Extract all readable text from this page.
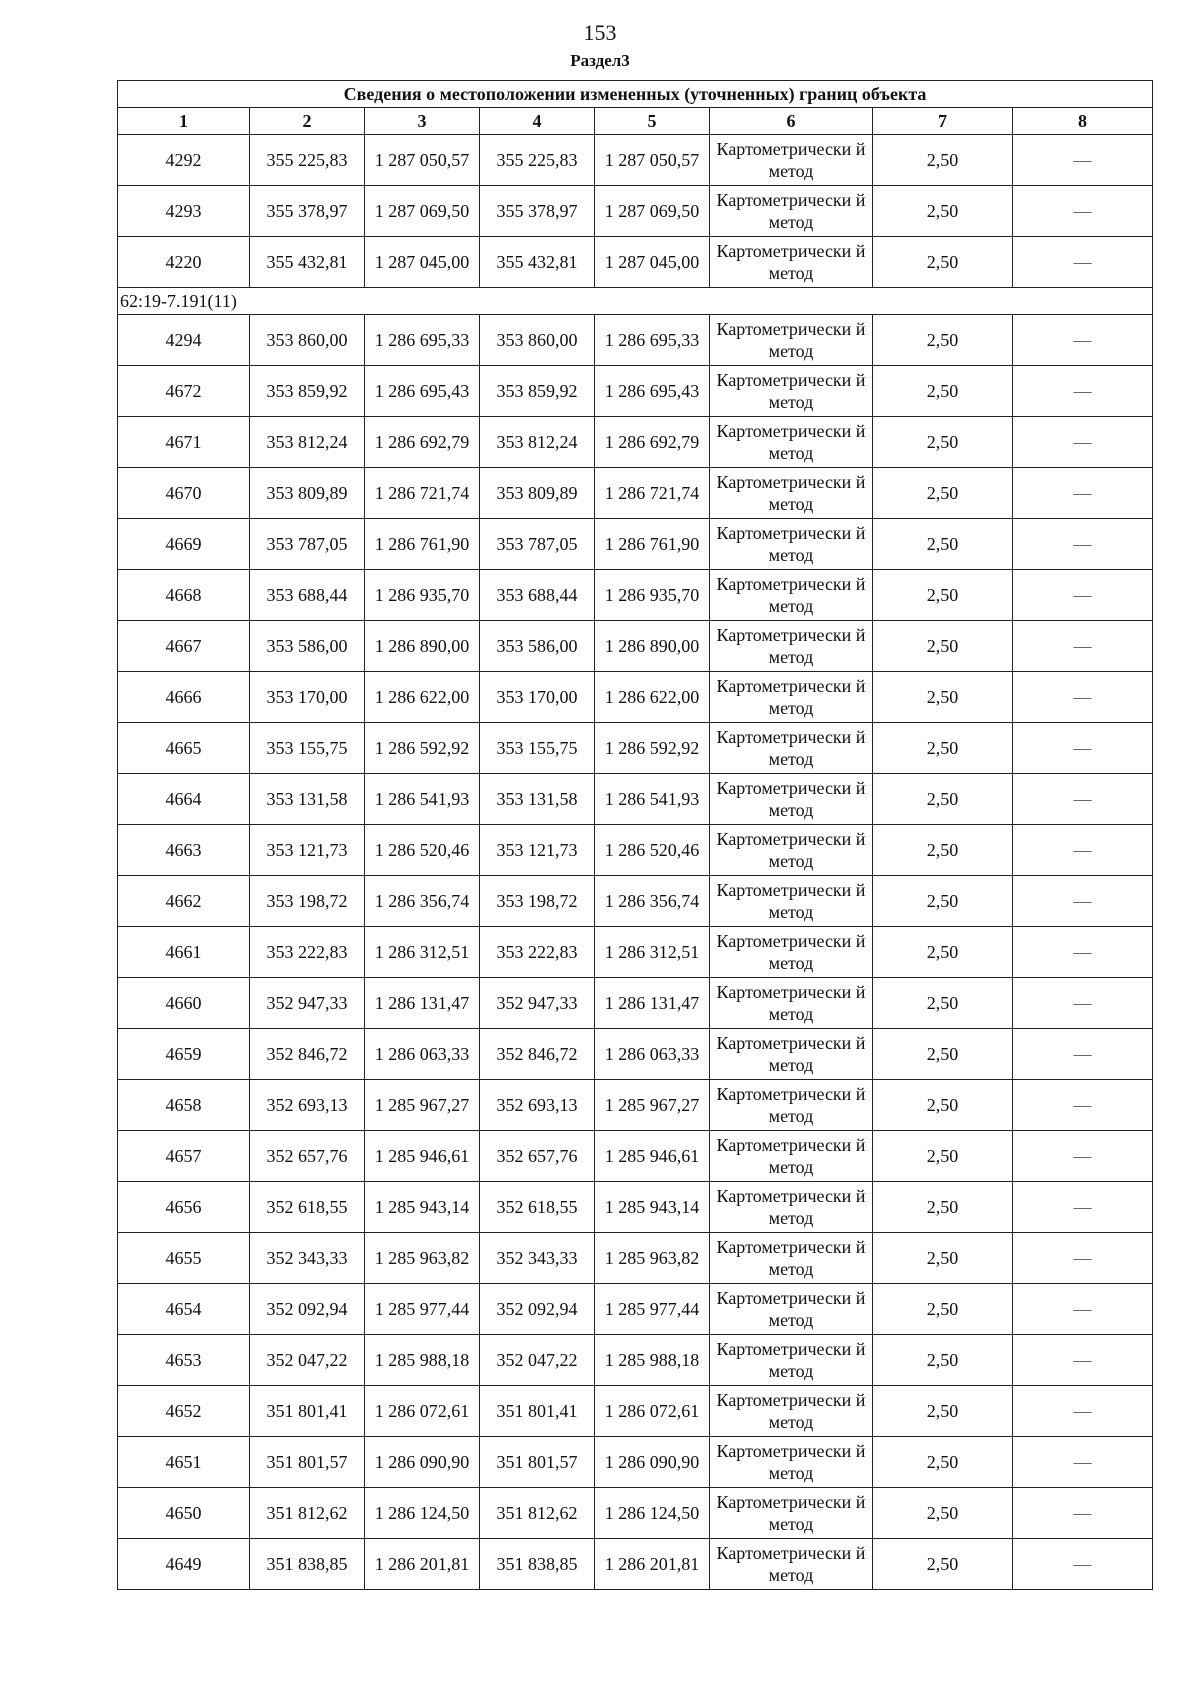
153
Раздел3
Сведения о местоположении измененных (уточненных) границ объекта							
1	2	3	4	5	6	7	8
4292	355 225,83	1 287 050,57	355 225,83	1 287 050,57	Картометрически й метод	2,50	—
4293	355 378,97	1 287 069,50	355 378,97	1 287 069,50	Картометрически й метод	2,50	—
4220	355 432,81	1 287 045,00	355 432,81	1 287 045,00	Картометрически й метод	2,50	—
62:19-7.191(11)							
4294	353 860,00	1 286 695,33	353 860,00	1 286 695,33	Картометрически й метод	2,50	—
4672	353 859,92	1 286 695,43	353 859,92	1 286 695,43	Картометрически й метод	2,50	—
4671	353 812,24	1 286 692,79	353 812,24	1 286 692,79	Картометрически й метод	2,50	—
4670	353 809,89	1 286 721,74	353 809,89	1 286 721,74	Картометрически й метод	2,50	—
4669	353 787,05	1 286 761,90	353 787,05	1 286 761,90	Картометрически й метод	2,50	—
4668	353 688,44	1 286 935,70	353 688,44	1 286 935,70	Картометрически й метод	2,50	—
4667	353 586,00	1 286 890,00	353 586,00	1 286 890,00	Картометрически й метод	2,50	—
4666	353 170,00	1 286 622,00	353 170,00	1 286 622,00	Картометрически й метод	2,50	—
4665	353 155,75	1 286 592,92	353 155,75	1 286 592,92	Картометрически й метод	2,50	—
4664	353 131,58	1 286 541,93	353 131,58	1 286 541,93	Картометрически й метод	2,50	—
4663	353 121,73	1 286 520,46	353 121,73	1 286 520,46	Картометрически й метод	2,50	—
4662	353 198,72	1 286 356,74	353 198,72	1 286 356,74	Картометрически й метод	2,50	—
4661	353 222,83	1 286 312,51	353 222,83	1 286 312,51	Картометрически й метод	2,50	—
4660	352 947,33	1 286 131,47	352 947,33	1 286 131,47	Картометрически й метод	2,50	—
4659	352 846,72	1 286 063,33	352 846,72	1 286 063,33	Картометрически й метод	2,50	—
4658	352 693,13	1 285 967,27	352 693,13	1 285 967,27	Картометрически й метод	2,50	—
4657	352 657,76	1 285 946,61	352 657,76	1 285 946,61	Картометрически й метод	2,50	—
4656	352 618,55	1 285 943,14	352 618,55	1 285 943,14	Картометрически й метод	2,50	—
4655	352 343,33	1 285 963,82	352 343,33	1 285 963,82	Картометрически й метод	2,50	—
4654	352 092,94	1 285 977,44	352 092,94	1 285 977,44	Картометрически й метод	2,50	—
4653	352 047,22	1 285 988,18	352 047,22	1 285 988,18	Картометрически й метод	2,50	—
4652	351 801,41	1 286 072,61	351 801,41	1 286 072,61	Картометрически й метод	2,50	—
4651	351 801,57	1 286 090,90	351 801,57	1 286 090,90	Картометрически й метод	2,50	—
4650	351 812,62	1 286 124,50	351 812,62	1 286 124,50	Картометрически й метод	2,50	—
4649	351 838,85	1 286 201,81	351 838,85	1 286 201,81	Картометрически й метод	2,50	—
